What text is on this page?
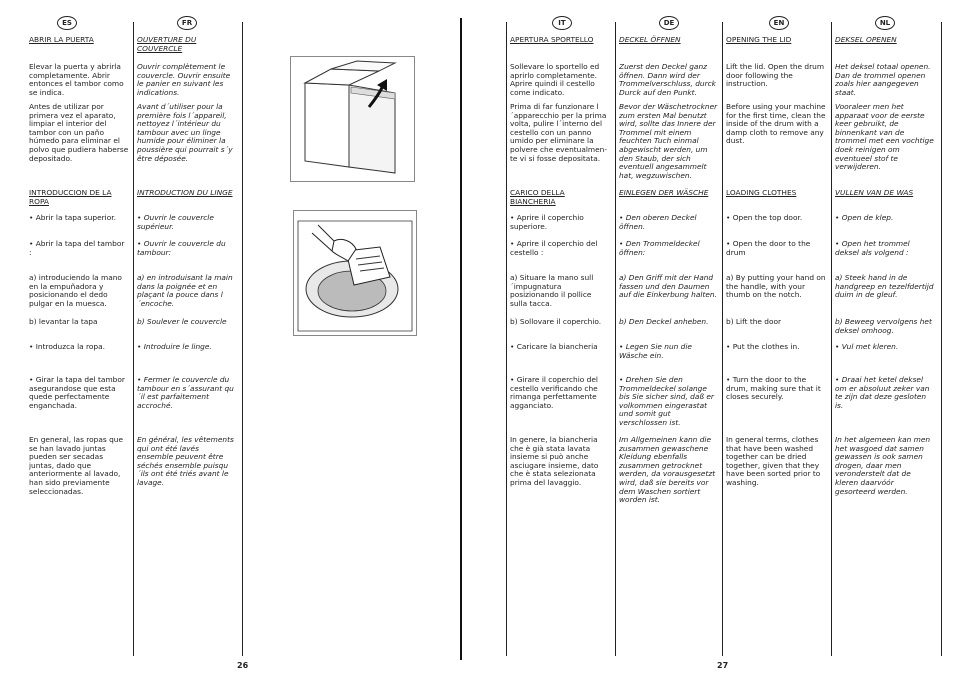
ES
ABRIR LA PUERTA
Elevar la puerta y abrirla completamente. Abrir entonces el tambor como se indica.
Antes de utilizar por primera vez el aparato, limpiar el interior del tambor con un paño húmedo para eliminar el polvo que pudiera haberse depositado.
INTRODUCCION DE LA ROPA
• Abrir la tapa superior.
• Abrir la tapa del tambor :
a) introduciendo la mano en la empuñadora y posicionando el dedo pulgar en la muesca.
b) levantar la tapa
• Introduzca la ropa.
• Girar la tapa del tambor asegurandose que esta quede perfectamente enganchada.
En general, las ropas que se han lavado juntas pueden ser secadas juntas, dado que anteriormente al lavado, han sido previamente seleccionadas.
FR
OUVERTURE DU COUVERCLE
Ouvrir complètement le couvercle. Ouvrir ensuite le panier en suivant les indications.
Avant d´utiliser pour la première fois l´appareil, nettoyez l´intérieur du tambour avec un linge humide pour éliminer la poussière qui pourrait s´y être déposée.
INTRODUCTION DU LINGE
• Ouvrir le couvercle supérieur.
• Ouvrir le couvercle du tambour:
a) en introduisant la main dans la poignée et en plaçant la pouce dans l´encoche.
b) Soulever le couvercle
• Introduire le linge.
• Fermer le couvercle du tambour en s´assurant qu´il est parfaitement accroché.
En général, les vêtements qui ont été lavés ensemble peuvent être séchés ensemble puisqu´ils ont été triés avant le lavage.
IT
APERTURA SPORTELLO
Sollevare lo sportello ed aprirlo completamente. Aprire quindi il cestello come indicato.
Prima di far funzionare l´apparecchio per la prima volta, pulire l´interno del cestello con un panno umido per eliminare la polvere che eventualmen-te vi si fosse depositata.
CARICO DELLA BIANCHERIA
• Aprire il coperchio superiore.
• Aprire il coperchio del cestello :
a) Situare la mano sull´impugnatura posizionando il pollice sulla tacca.
b) Sollovare il coperchio.
• Caricare la biancheria
• Girare il coperchio del cestello verificando che rimanga perfettamente agganciato.
In genere, la biancheria che è già stata lavata insieme si può anche asciugare insieme, dato che è stata selezionata prima del lavaggio.
DE
DECKEL ÖFFNEN
Zuerst den Deckel ganz öffnen. Dann wird der Trommelverschluss, durck Durck auf den Punkt.
Bevor der Wäschetrockner zum ersten Mal benutzt wird, sollte das Innere der Trommel mit einem feuchten Tuch einmal abgewischt werden, um den Staub, der sich eventuell angesammelt hat, wegzuwischen.
EINLEGEN DER WÄSCHE
• Den oberen Deckel öffnen.
• Den Trommeldeckel öffnen:
a) Den Griff mit der Hand fassen und den Daumen auf die Einkerbung halten.
b) Den Deckel anheben.
• Legen Sie nun die Wäsche ein.
• Drehen Sie den Trommeldeckel solange bis Sie sicher sind, daß er volkommen eingerastat und somit gut verschlossen ist.
Im Allgemeinen kann die zusammen gewaschene Kleidung ebenfalls zusammen getrocknet werden, da vorausgesetzt wird, daß sie bereits vor dem Waschen sortiert worden ist.
EN
OPENING THE LID
Lift the lid. Open the drum door following the instruction.
Before using your machine for the first time, clean the inside of the drum with a damp cloth to remove any dust.
LOADING CLOTHES
• Open the top door.
• Open the door to the drum
a) By putting your hand on the handle, with your thumb on the notch.
b) Lift the door
• Put the clothes in.
• Turn the door to the drum, making sure that it closes securely.
In general terms, clothes that have been washed together can be dried together, given that they have been sorted prior to washing.
NL
DEKSEL OPENEN
Het deksel totaal openen. Dan de trommel openen zoals hier aangegeven staat.
Vooraleer men het apparaat voor de eerste keer gebruikt, de binnenkant van de trommel met een vochtige doek reinigen om eventueel stof te verwijderen.
VULLEN VAN DE WAS
• Open de klep.
• Open het trommel deksel als volgend :
a) Steek hand in de handgreep en tezelfdertijd duim in de gleuf.
b) Beweeg vervolgens het deksel omhoog.
• Vul met kleren.
• Draai het ketel deksel om er absoluut zeker van te zijn dat deze gesloten is.
In het algemeen kan men het wasgoed dat samen gewassen is ook samen drogen, daar men veronderstelt dat de kleren daarvóór gesorteerd werden.
26	27
